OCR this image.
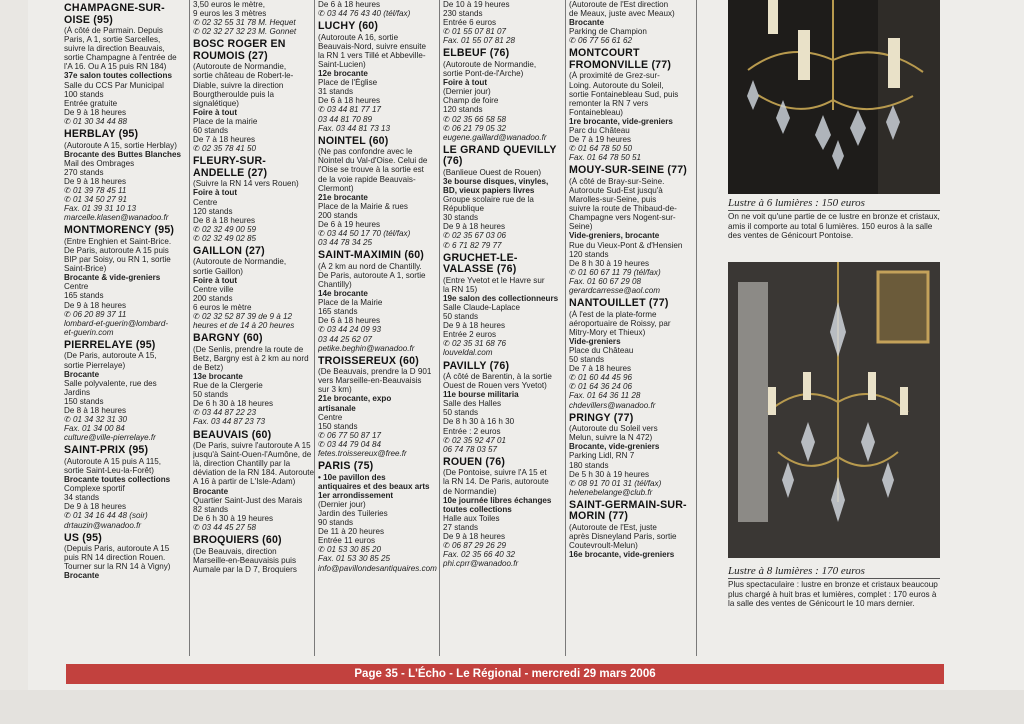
CHAMPAGNE-SUR-OISE (95)
(À côté de Parmain. Depuis
Paris, A 1, sortie Sarcelles,
suivre la direction Beauvais,
sortie Champagne à l'entrée de
l'A 16. Ou A 15 puis RN 184)
37e salon toutes collections
Salle du CCS Par Municipal
100 stands
Entrée gratuite
De 9 à 18 heures
✆ 01 30 34 44 88
HERBLAY (95)
(Autoroute A 15, sortie Herblay)
Brocante des Buttes Blanches
Mail des Ombrages
270 stands
De 9 à 18 heures
✆ 01 39 78 45 11
✆ 01 34 50 27 91
Fax. 01 39 31 10 13
marcelle.klasen@wanadoo.fr
MONTMORENCY (95)
(Entre Enghien et Saint-Brice.
De Paris, autoroute A 15 puis
BIP par Soisy, ou RN 1, sortie
Saint-Brice)
Brocante & vide-greniers
Centre
165 stands
De 9 à 18 heures
✆ 06 20 89 37 11
lombard-et-guerin@lombard-
et-guerin.com
PIERRELAYE (95)
(De Paris, autoroute A 15,
sortie Pierrelaye)
Brocante
Salle polyvalente, rue des
Jardins
150 stands
De 8 à 18 heures
✆ 01 34 32 31 30
Fax. 01 34 00 84
culture@ville-pierrelaye.fr
SAINT-PRIX (95)
(Autoroute A 15 puis A 115,
sortie Saint-Leu-la-Forêt)
Brocante toutes collections
Complexe sportif
34 stands
De 9 à 18 heures
✆ 01 34 16 44 48 (soir)
drtauzin@wanadoo.fr
US (95)
(Depuis Paris, autoroute A 15
puis RN 14 direction Rouen.
Tourner sur la RN 14 à Vigny)
Brocante
3,50 euros le mètre,
9 euros les 3 mètres
✆ 02 32 55 31 78 M. Hequet
✆ 02 32 27 32 23 M. Gonnet
BOSC ROGER EN ROUMOIS (27)
(Autoroute de Normandie,
sortie château de Robert-le-
Diable, suivre la direction
Bourgtheroulde puis la
signalétique)
Foire à tout
Place de la mairie
60 stands
De 7 à 18 heures
✆ 02 35 78 41 50
FLEURY-SUR-ANDELLE (27)
(Suivre la RN 14 vers Rouen)
Foire à tout
Centre
120 stands
De 8 à 18 heures
✆ 02 32 49 00 59
✆ 02 32 49 02 85
GAILLON (27)
(Autoroute de Normandie,
sortie Gaillon)
Foire à tout
Centre ville
200 stands
6 euros le mètre
✆ 02 32 52 87 39 de 9 à 12
heures et de 14 à 20 heures
BARGNY (60)
(De Senlis, prendre la route de
Betz, Bargny est à 2 km au nord
de Betz)
13e brocante
Rue de la Clergerie
50 stands
De 6 h 30 à 18 heures
✆ 03 44 87 22 23
Fax. 03 44 87 23 73
BEAUVAIS (60)
(De Paris, suivre l'autoroute A 15
jusqu'à Saint-Ouen-l'Aumône, de
là, direction Chantilly par la
déviation de la RN 184. Autoroute
A 16 à partir de L'Isle-Adam)
Brocante
Quartier Saint-Just des Marais
82 stands
De 6 h 30 à 19 heures
✆ 03 44 45 27 58
BROQUIERS (60)
(De Beauvais, direction
Marseille-en-Beauvaisis puis
Aumale par la D 7, Broquiers
De 6 à 18 heures
✆ 03 44 76 43 40 (tél/fax)
LUCHY (60)
(Autoroute A 16, sortie
Beauvais-Nord, suivre ensuite
la RN 1 vers Tillé et Abbeville-
Saint-Lucien)
12e brocante
Place de l'Église
31 stands
De 6 à 18 heures
✆ 03 44 81 77 17
03 44 81 70 89
Fax. 03 44 81 73 13
NOINTEL (60)
(Ne pas confondre avec le
Nointel du Val-d'Oise. Celui de
l'Oise se trouve à la sortie est
de la voie rapide Beauvais-
Clermont)
21e brocante
Place de la Mairie & rues
200 stands
De 6 à 19 heures
✆ 03 44 50 17 70 (tél/fax)
03 44 78 34 25
SAINT-MAXIMIN (60)
(À 2 km au nord de Chantilly.
De Paris, autoroute A 1, sortie
Chantilly)
14e brocante
Place de la Mairie
165 stands
De 6 à 18 heures
✆ 03 44 24 09 93
03 44 25 62 07
petike.beghin@wanadoo.fr
TROISSEREUX (60)
(De Beauvais, prendre la D 901
vers Marseille-en-Beauvaisis
sur 3 km)
21e brocante, expo
artisanale
Centre
150 stands
✆ 06 77 50 87 17
✆ 03 44 79 04 84
fetes.troissereux@free.fr
PARIS (75)
• 10e pavillon des
antiquaires et des beaux arts
1er arrondissement
(Dernier jour)
Jardin des Tuileries
90 stands
De 11 à 20 heures
Entrée 11 euros
✆ 01 53 30 85 20
Fax. 01 53 30 85 25
info@pavillondesantiquaires.com
De 10 à 19 heures
230 stands
Entrée 6 euros
✆ 01 55 07 81 07
Fax. 01 55 07 81 28
ELBEUF (76)
(Autoroute de Normandie,
sortie Pont-de-l'Arche)
Foire à tout
(Dernier jour)
Champ de foire
120 stands
✆ 02 35 66 58 58
✆ 06 21 79 05 32
eugene.gaillard@wanadoo.fr
LE GRAND QUEVILLY (76)
(Banlieue Ouest de Rouen)
3e bourse disques, vinyles,
BD, vieux papiers livres
Groupe scolaire rue de la
République
30 stands
De 9 à 18 heures
✆ 02 35 67 03 06
✆ 6 71 82 79 77
GRUCHET-LE-VALASSE (76)
(Entre Yvetot et le Havre sur
la RN 15)
19e salon des collectionneurs
Salle Claude-Laplace
50 stands
De 9 à 18 heures
Entrée 2 euros
✆ 02 35 31 68 76
louveldal.com
PAVILLY (76)
(À côté de Barentin, à la sortie
Ouest de Rouen vers Yvetot)
11e bourse militaria
Salle des Halles
50 stands
De 8 h 30 à 16 h 30
Entrée : 2 euros
✆ 02 35 92 47 01
06 74 78 03 57
ROUEN (76)
(De Pontoise, suivre l'A 15 et
la RN 14. De Paris, autoroute
de Normandie)
10e journée libres échanges
toutes collections
Halle aux Toiles
27 stands
De 9 à 18 heures
✆ 06 87 29 26 29
Fax. 02 35 66 40 32
phi.cprr@wanadoo.fr
(Autoroute de l'Est direction
de Meaux, juste avec Meaux)
Brocante
Parking de Champion
✆ 06 77 56 61 62
MONTCOURT FROMONVILLE (77)
(À proximité de Grez-sur-
Loing. Autoroute du Soleil,
sortie Fontainebleau Sud, puis
remonter la RN 7 vers
Fontainebleau)
1re brocante, vide-greniers
Parc du Château
De 7 à 19 heures
✆ 01 64 78 50 50
Fax. 01 64 78 50 51
MOUY-SUR-SEINE (77)
(À côté de Bray-sur-Seine.
Autoroute Sud-Est jusqu'à
Marolles-sur-Seine, puis
suivre la route de Thibaud-de-
Champagne vers Nogent-sur-
Seine)
Vide-greniers, brocante
Rue du Vieux-Pont & d'Hensien
120 stands
De 8 h 30 à 19 heures
✆ 01 60 67 11 79 (tél/fax)
Fax. 01 60 67 29 08
gerardcarresse@aol.com
NANTOUILLET (77)
(À l'est de la plate-forme
aéroportuaire de Roissy, par
Mitry-Mory et Thieux)
Vide-greniers
Place du Château
50 stands
De 7 à 18 heures
✆ 01 60 44 45 96
✆ 01 64 36 24 06
Fax. 01 64 36 11 28
chdevillers@wanadoo.fr
PRINGY (77)
(Autoroute du Soleil vers
Melun, suivre la N 472)
Brocante, vide-greniers
Parking Lidl, RN 7
180 stands
De 5 h 30 à 19 heures
✆ 08 91 70 01 31 (tél/fax)
helenebelange@club.fr
SAINT-GERMAIN-SUR-MORIN (77)
(Autoroute de l'Est, juste
après Disneyland Paris, sortie
Coutevroult-Melun)
16e brocante, vide-greniers
Lustre à 6 lumières : 150 euros
On ne voit qu'une partie de ce lustre en bronze et cristaux, amis il comporte au total 6 lumières. 150 euros à la salle des ventes de Génicourt Pontoise.
Lustre à 8 lumières : 170 euros
Plus spectaculaire : lustre en bronze et cristaux beaucoup plus chargé à huit bras et lumières, complet : 170 euros à la salle des ventes de Génicourt le 10 mars dernier.
Page 35 - L'Écho - Le Régional - mercredi 29 mars 2006
